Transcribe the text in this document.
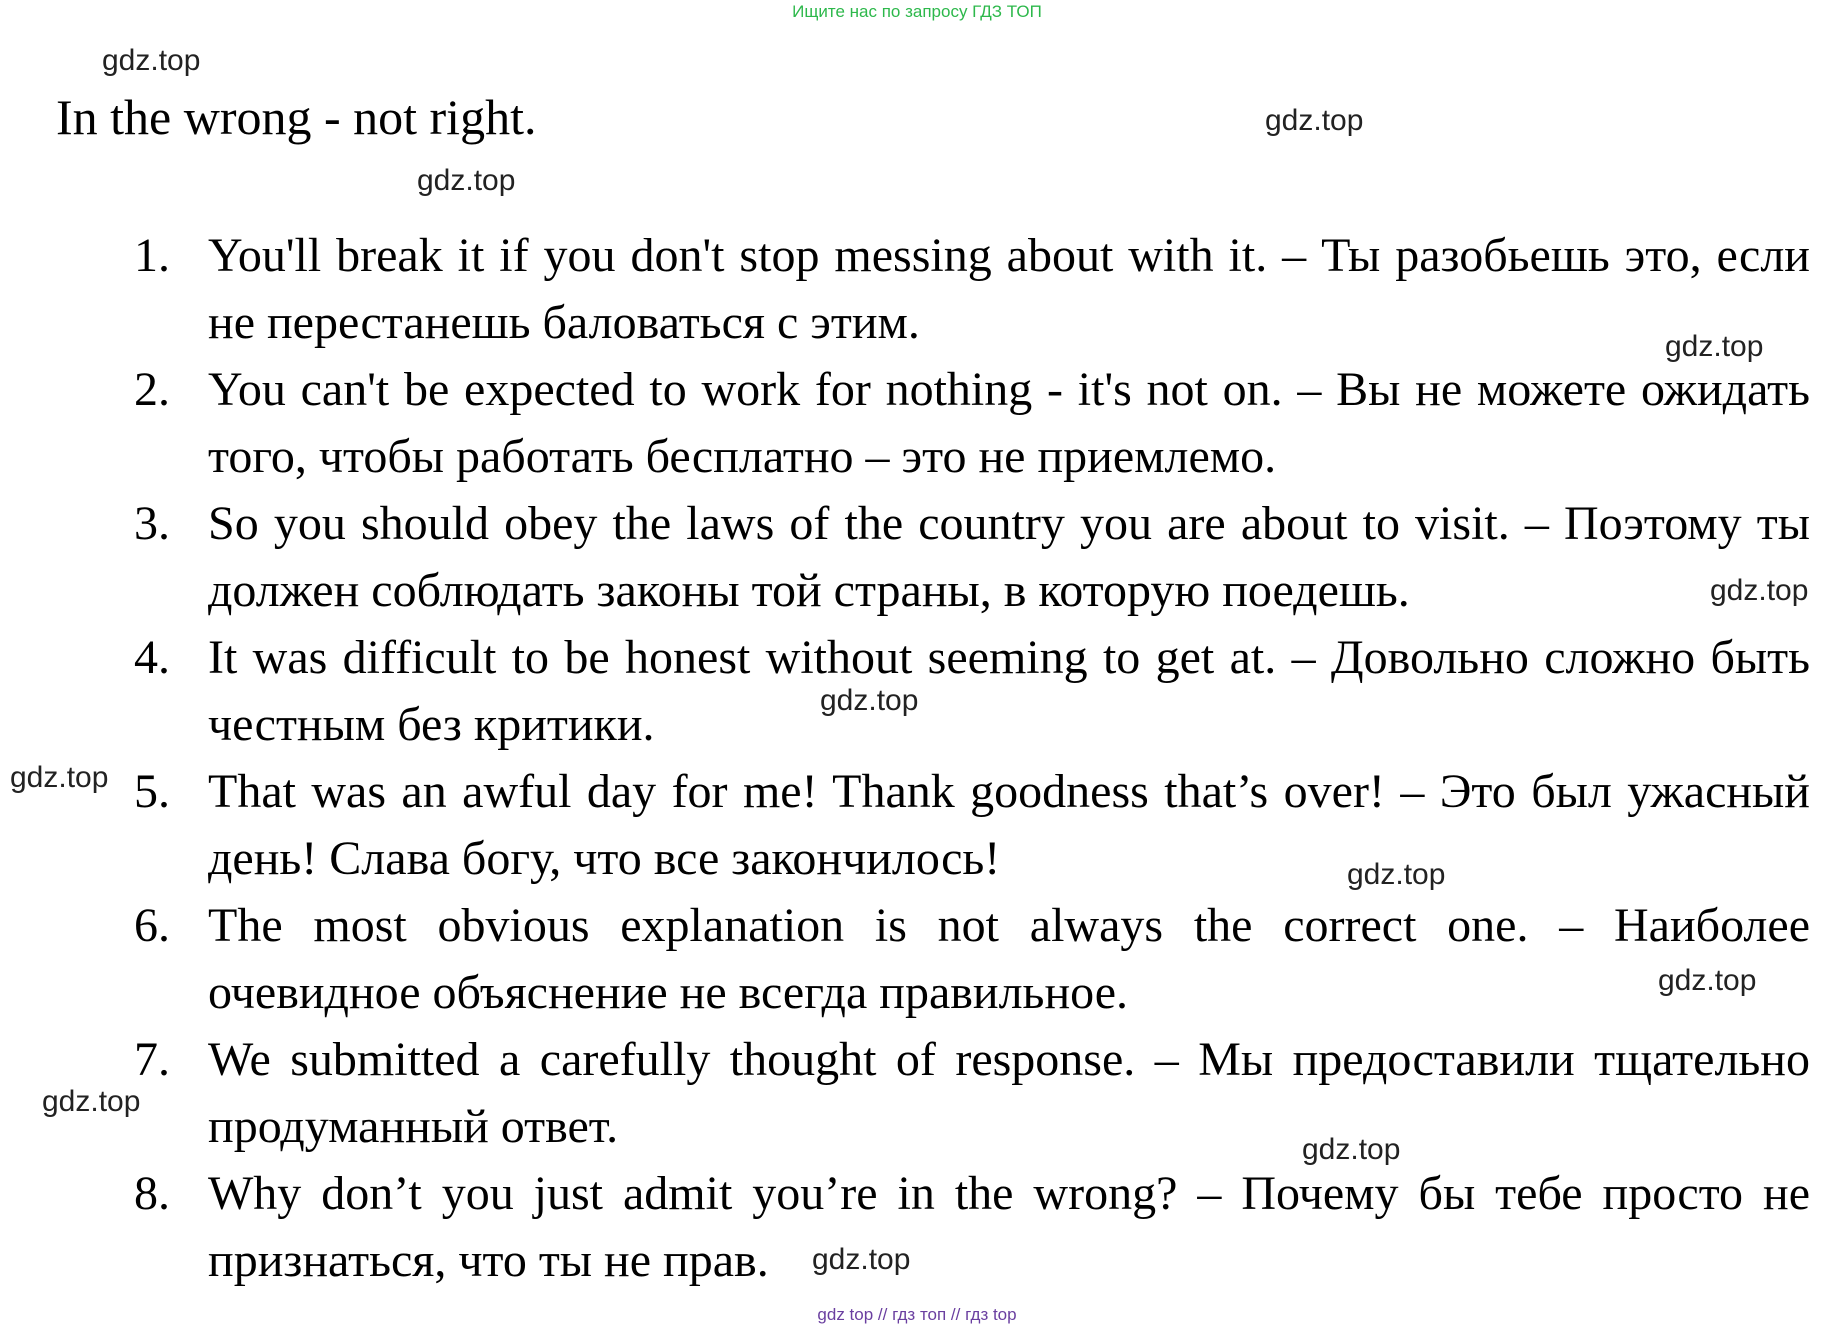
Ищите нас по запросу ГДЗ ТОП

gdz.top
In the wrong - not right.	gdz.top
gdz.top
1. You'll break it if you don't stop messing about with it. – Ты разобьешь это, если не перестанешь баловаться с этим.
2. You can't be expected to work for nothing - it's not on. – Вы не можете ожидать того, чтобы работать бесплатно – это не приемлемо.
3. So you should obey the laws of the country you are about to visit. – Поэтому ты должен соблюдать законы той страны, в которую поедешь.
4. It was difficult to be honest without seeming to get at. – Довольно сложно быть честным без критики.
5. That was an awful day for me! Thank goodness that’s over! – Это был ужасный день! Слава богу, что все закончилось!
6. The most obvious explanation is not always the correct one. – Наиболее очевидное объяснение не всегда правильное.
7. We submitted a carefully thought of response. – Мы предоставили тщательно продуманный ответ.
8. Why don’t you just admit you’re in the wrong? – Почему бы тебе просто не признаться, что ты не прав.
gdz.top
gdz.top
gdz.top
gdz.top
gdz.top
gdz.top
gdz.top
gdz.top
gdz.top

gdz top // гдз топ // гдз top
